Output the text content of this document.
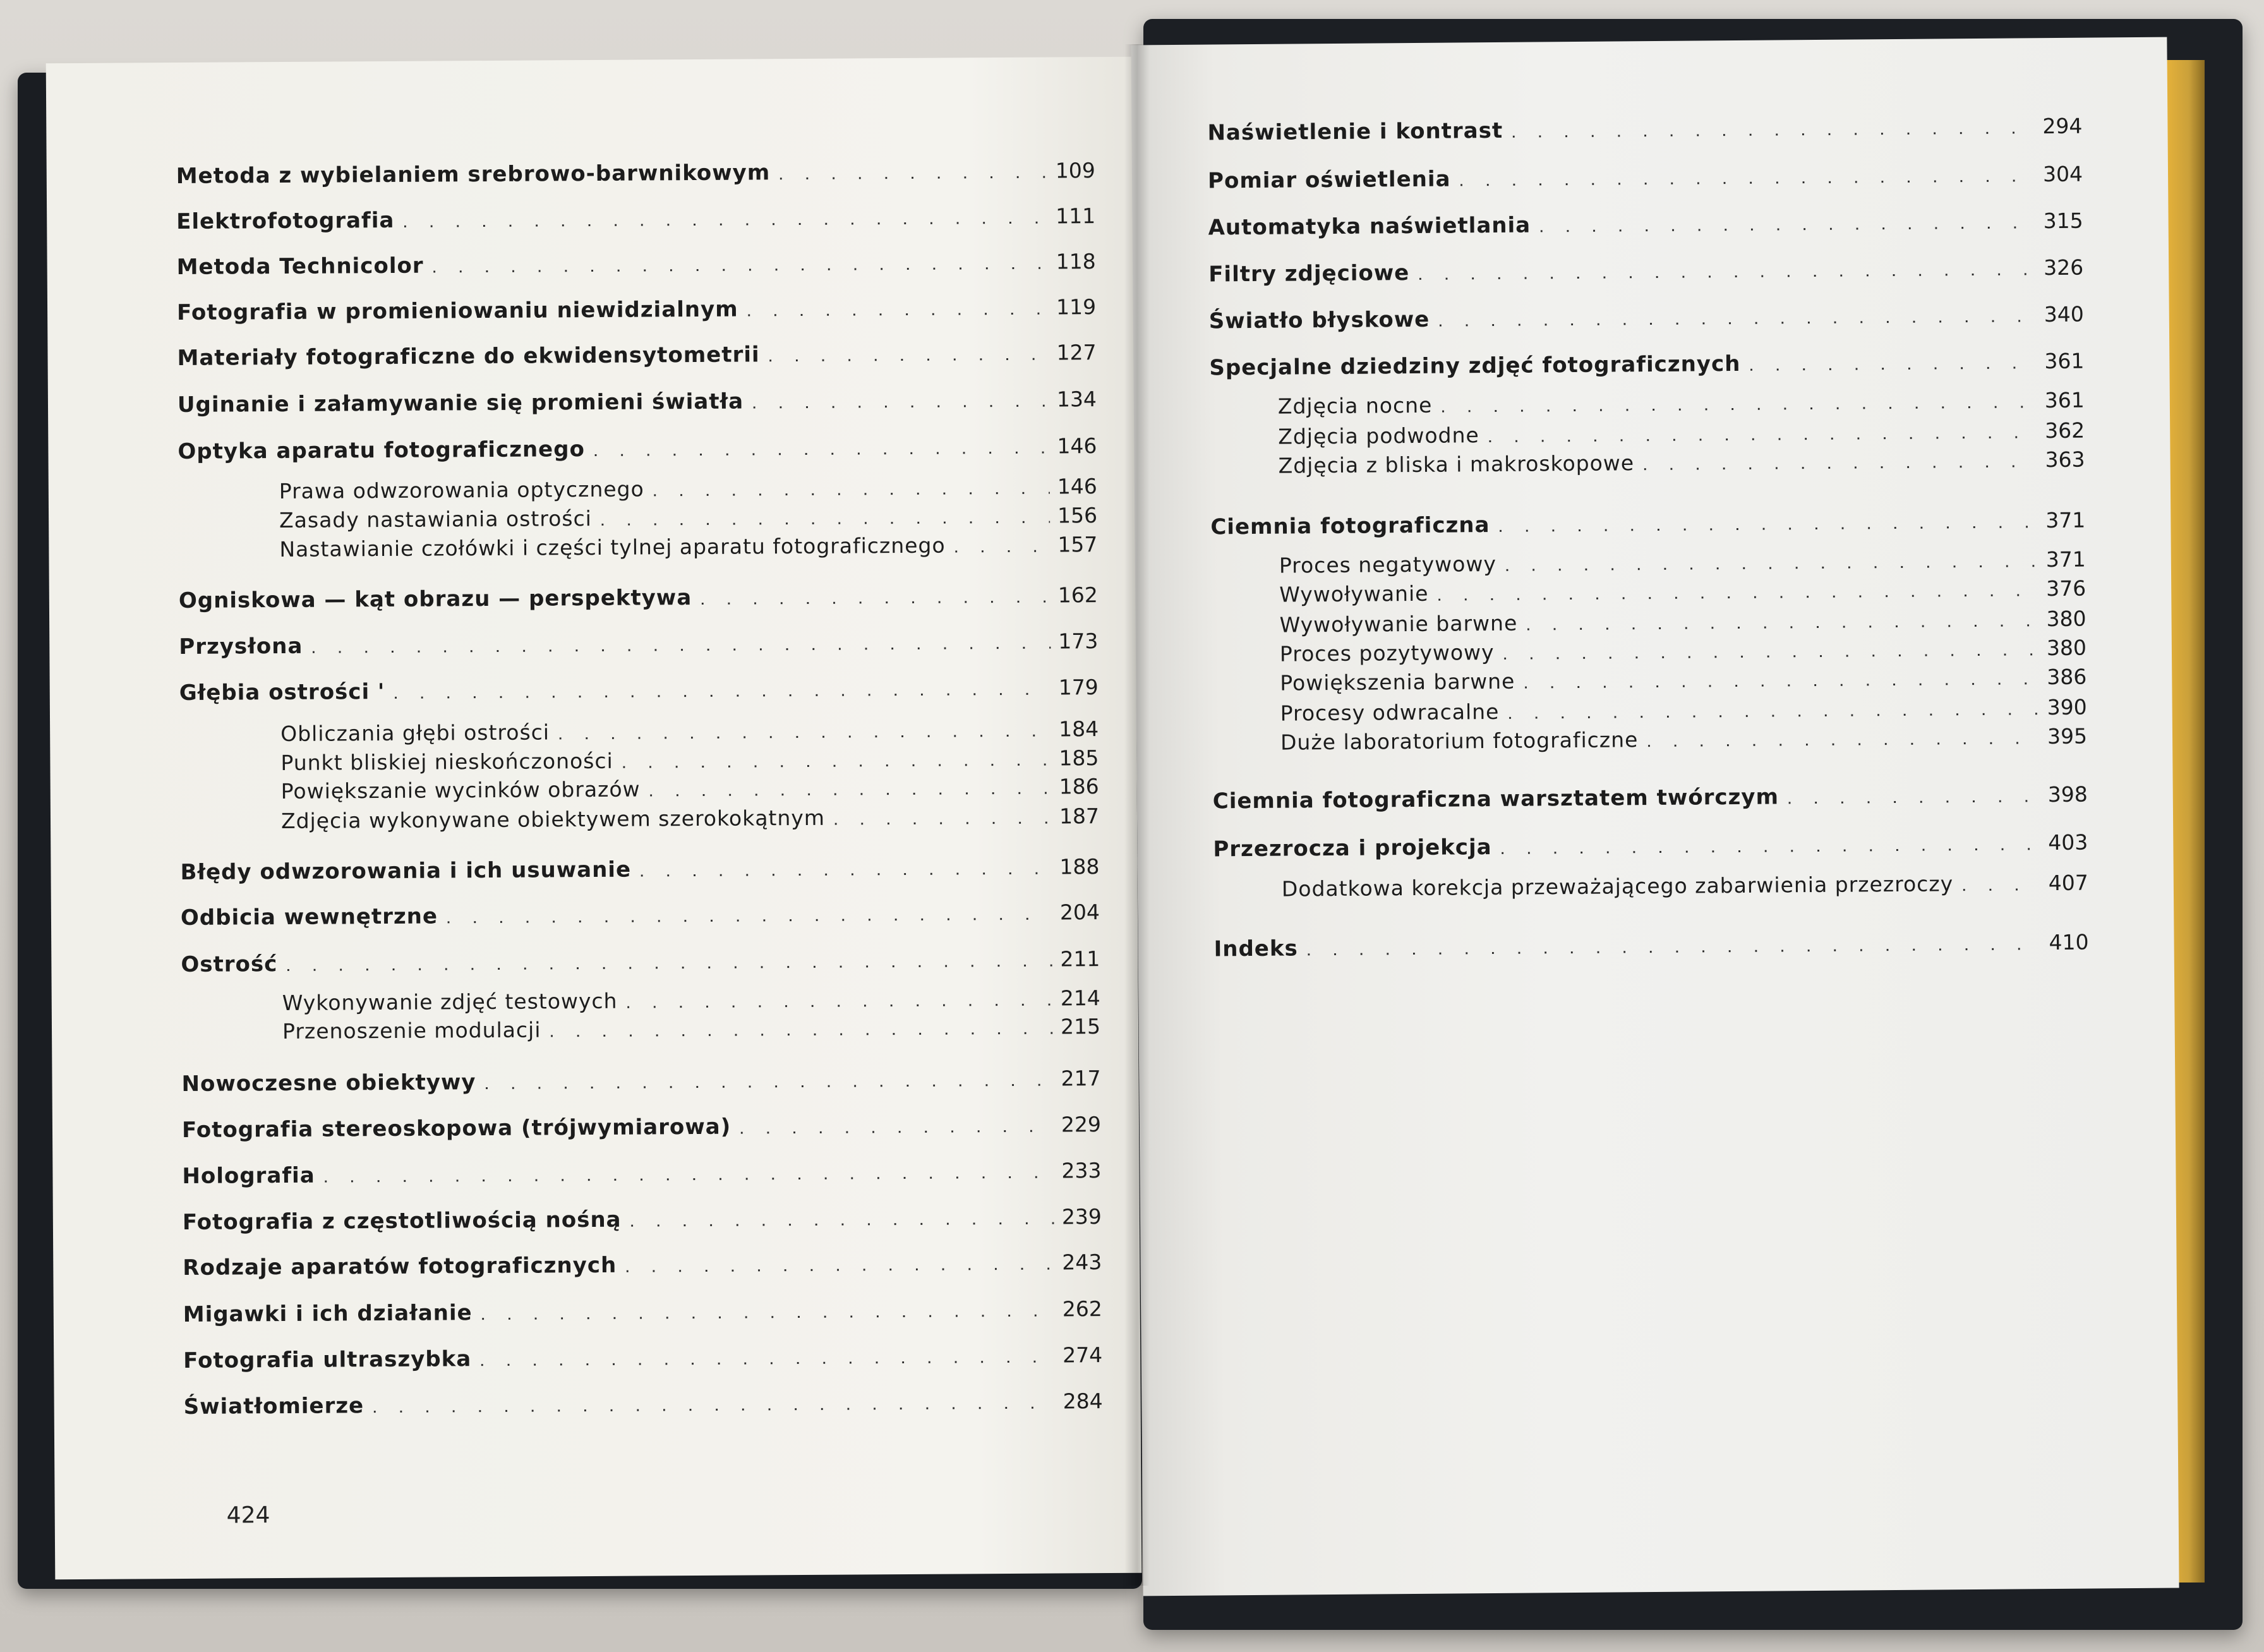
Metoda z wybielaniem srebrowo-barwnikowym . . .	109
Elektrofotografia . . .	111
Metoda Technicolor . . .	118
Fotografia w promieniowaniu niewidzialnym . . .	119
Materiały fotograficzne do ekwidensytometrii . . .	127
Uginanie i załamywanie się promieni światła . . .	134
Optyka aparatu fotograficznego . . .	146
Prawa odwzorowania optycznego . . .	146
Zasady nastawiania ostrości . . .	156
Nastawianie czołówki i części tylnej aparatu fotograficznego . . .	157
Ogniskowa — kąt obrazu — perspektywa . . .	162
Przysłona . . .	173
Głębia ostrości ' . . .	179
Obliczania głębi ostrości . . .	184
Punkt bliskiej nieskończoności . . .	185
Powiększanie wycinków obrazów . . .	186
Zdjęcia wykonywane obiektywem szerokokątnym . . .	187
Błędy odwzorowania i ich usuwanie . . .	188
Odbicia wewnętrzne . . .	204
Ostrość . . .	211
Wykonywanie zdjęć testowych . . .	214
Przenoszenie modulacji . . .	215
Nowoczesne obiektywy . . .	217
Fotografia stereoskopowa (trójwymiarowa) . . .	229
Holografia . . .	233
Fotografia z częstotliwością nośną . . .	239
Rodzaje aparatów fotograficznych . . .	243
Migawki i ich działanie . . .	262
Fotografia ultraszybka . . .	274
Światłomierze . . .	284
424
Naświetlenie i kontrast . . .	294
Pomiar oświetlenia . . .	304
Automatyka naświetlania . . .	315
Filtry zdjęciowe . . .	326
Światło błyskowe . . .	340
Specjalne dziedziny zdjęć fotograficznych . . .	361
Zdjęcia nocne . . .	361
Zdjęcia podwodne . . .	362
Zdjęcia z bliska i makroskopowe . . .	363
Ciemnia fotograficzna . . .	371
Proces negatywowy . . .	371
Wywoływanie . . .	376
Wywoływanie barwne . . .	380
Proces pozytywowy . . .	380
Powiększenia barwne . . .	386
Procesy odwracalne . . .	390
Duże laboratorium fotograficzne . . .	395
Ciemnia fotograficzna warsztatem twórczym . . .	398
Przezrocza i projekcja . . .	403
Dodatkowa korekcja przeważającego zabarwienia przezroczy . . .	407
Indeks . . .	410
